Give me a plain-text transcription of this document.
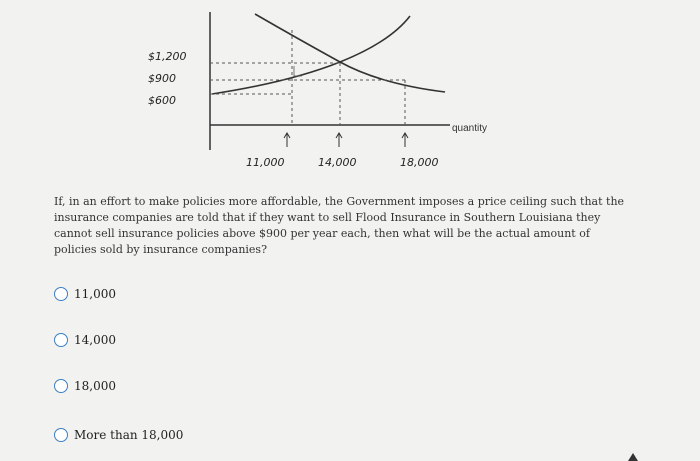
$1,200
$900
$600
11,000	14,000	18,000
quantity
If, in an effort to make policies more affordable, the Government imposes a price ceiling such that the insurance companies are told that if they want to sell Flood Insurance in Southern Louisiana they cannot sell insurance policies above $900 per year each, then what will be the actual amount of policies sold by insurance companies?
11,000
14,000
18,000
More than 18,000
